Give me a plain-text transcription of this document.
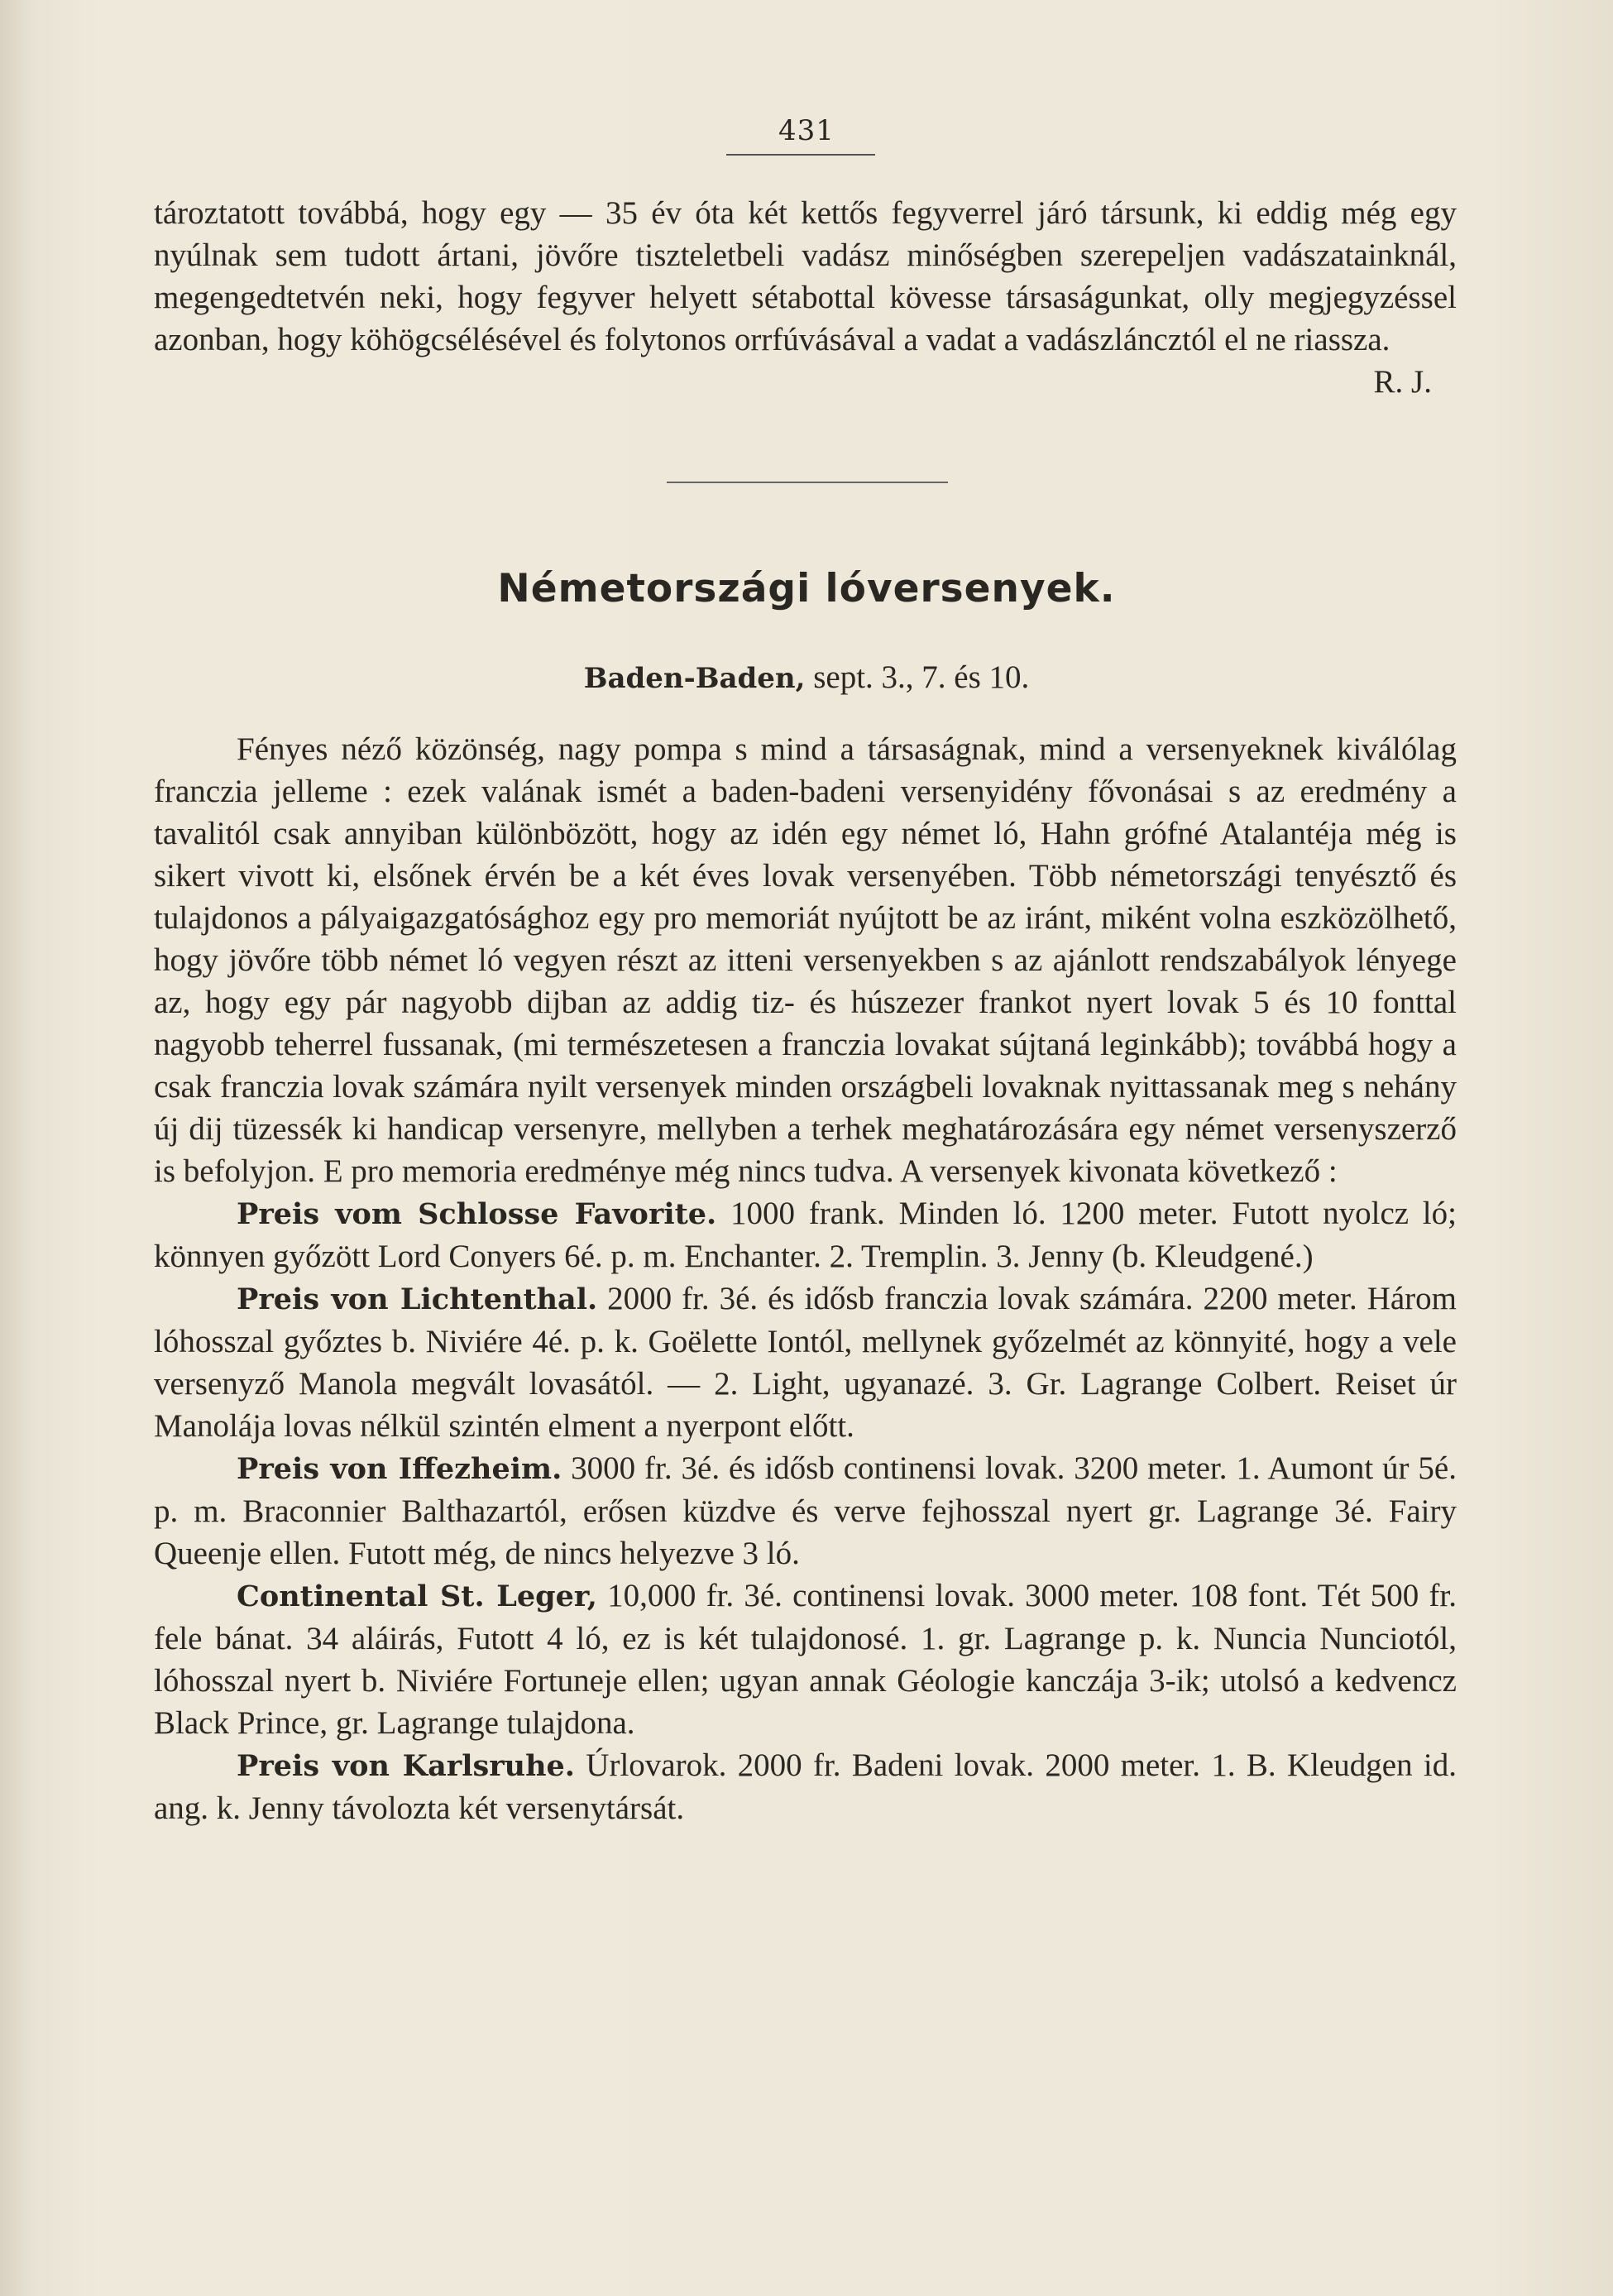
431
tároztatott továbbá, hogy egy — 35 év óta két kettős fegyverrel járó társunk, ki eddig még egy nyúlnak sem tudott ártani, jövőre tiszteletbeli vadász minőségben szerepeljen vadászatainknál, megengedtetvén neki, hogy fegyver helyett sétabottal kövesse társaságunkat, olly megjegyzéssel azonban, hogy köhögcsélésével és folytonos orrfúvásával a vadat a vadászlánсztól el ne riassza.
R. J.
Németországi lóversenyek.
Baden-Baden, sept. 3., 7. és 10.

Fényes néző közönség, nagy pompa s mind a társaságnak, mind a versenyeknek kiválólag franczia jelleme : ezek valának ismét a baden-badeni versenyidény fővonásai s az eredmény a tavalitól csak annyiban különbözött, hogy az idén egy német ló, Hahn grófné Atalantéja még is sikert vivott ki, elsőnek érvén be a két éves lovak versenyében. Több németországi tenyésztő és tulajdonos a pályaigazgatósághoz egy pro memoriát nyújtott be az iránt, miként volna eszközölhető, hogy jövőre több német ló vegyen részt az itteni versenyekben s az ajánlott rendszabályok lényege az, hogy egy pár nagyobb dijban az addig tiz- és húszezer frankot nyert lovak 5 és 10 fonttal nagyobb teherrel fussanak, (mi természetesen a franczia lovakat sújtaná leginkább); továbbá hogy a csak franczia lovak számára nyilt versenyek minden országbeli lovaknak nyittassanak meg s nehány új dij tüzessék ki handicap versenyre, mellyben a terhek meghatározására egy német versenyszerző is befolyjon. E pro memoria eredménye még nincs tudva. A versenyek kivonata következő :

Preis vom Schlosse Favorite. 1000 frank. Minden ló. 1200 meter. Futott nyolcz ló; könnyen győzött Lord Conyers 6é. p. m. Enchanter. 2. Tremplin. 3. Jenny (b. Kleudgené.)

Preis von Lichtenthal. 2000 fr. 3é. és idősb franczia lovak számára. 2200 meter. Három lóhosszal győztes b. Niviére 4é. p. k. Goëlette Iontól, mellynek győzelmét az könnyité, hogy a vele versenyző Manola megvált lovasától. — 2. Light, ugyanazé. 3. Gr. Lagrange Colbert. Reiset úr Manolája lovas nélkül szintén elment a nyerpont előtt.

Preis von Iffezheim. 3000 fr. 3é. és idősb continensi lovak. 3200 meter. 1. Aumont úr 5é. p. m. Braconnier Balthazartól, erősen küzdve és verve fejhosszal nyert gr. Lagrange 3é. Fairy Queenje ellen. Futott még, de nincs helyezve 3 ló.

Continental St. Leger, 10,000 fr. 3é. continensi lovak. 3000 meter. 108 font. Tét 500 fr. fele bánat. 34 aláirás, Futott 4 ló, ez is két tulajdonosé. 1. gr. Lagrange p. k. Nuncia Nunciotól, lóhosszal nyert b. Niviére Fortuneje ellen; ugyan annak Géologie kanczája 3-ik; utolsó a kedvencz Black Prince, gr. Lagrange tulajdona.

Preis von Karlsruhe. Úrlovarok. 2000 fr. Badeni lovak. 2000 meter. 1. B. Kleudgen id. ang. k. Jenny távolozta két versenytársát.
